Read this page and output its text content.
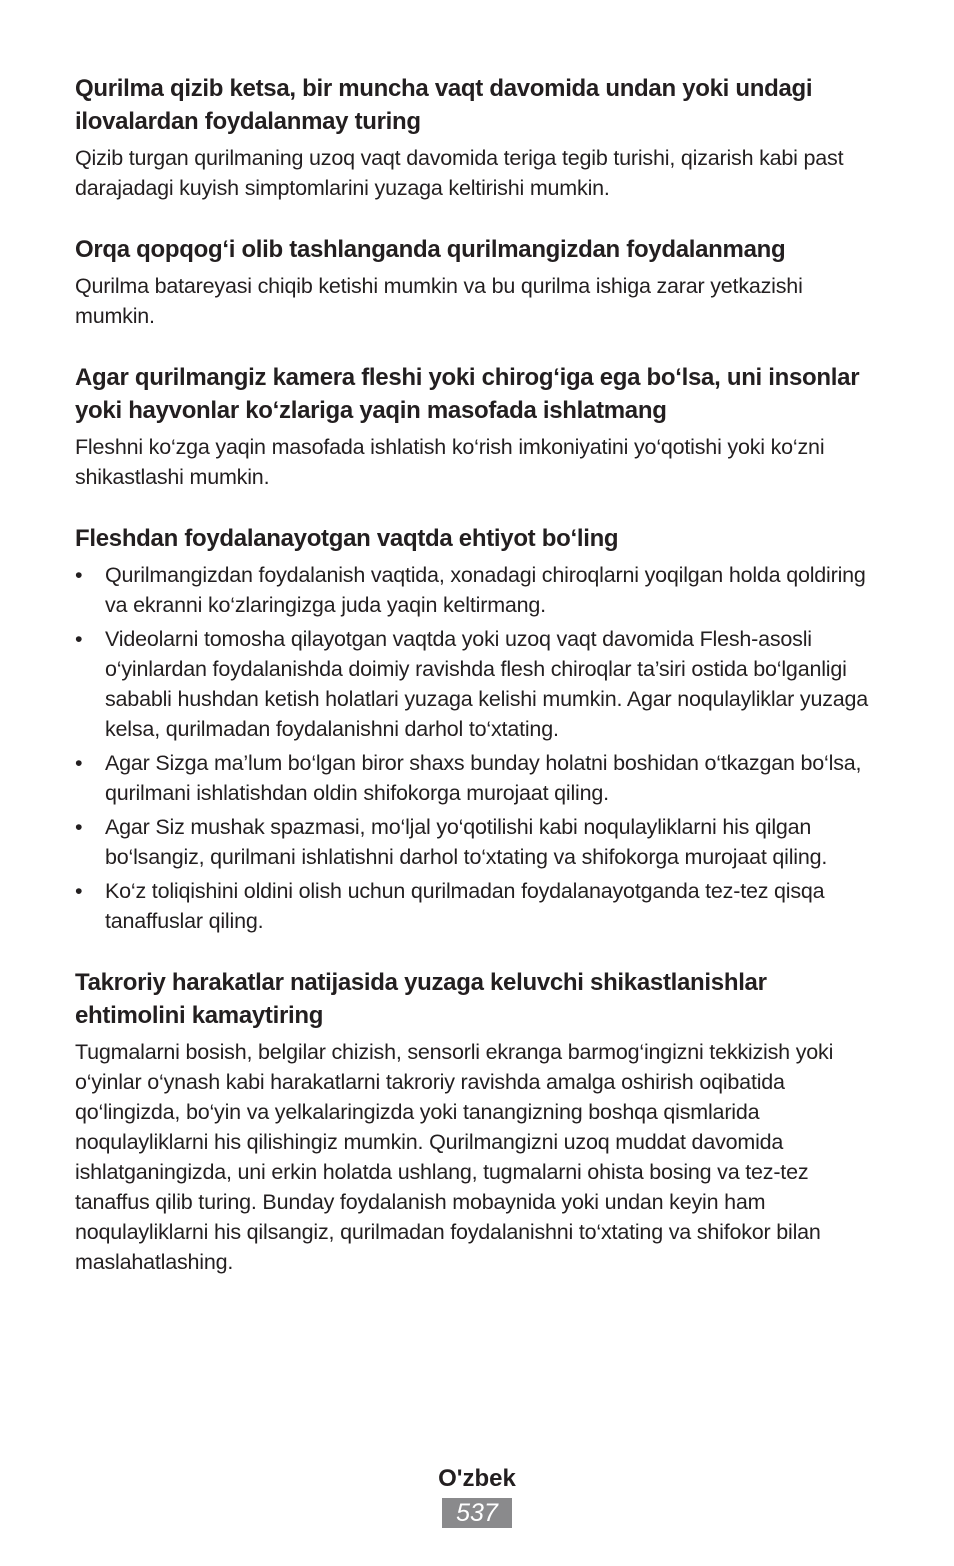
Qurilma qizib ketsa, bir muncha vaqt davomida undan yoki undagi ilovalardan foydalanmay turing

Qizib turgan qurilmaning uzoq vaqt davomida teriga tegib turishi, qizarish kabi past darajadagi kuyish simptomlarini yuzaga keltirishi mumkin.

Orqa qopqog‘i olib tashlanganda qurilmangizdan foydalanmang

Qurilma batareyasi chiqib ketishi mumkin va bu qurilma ishiga zarar yetkazishi mumkin.

Agar qurilmangiz kamera fleshi yoki chirog‘iga ega bo‘lsa, uni insonlar yoki hayvonlar ko‘zlariga yaqin masofada ishlatmang

Fleshni ko‘zga yaqin masofada ishlatish ko‘rish imkoniyatini yo‘qotishi yoki ko‘zni shikastlashi mumkin.

Fleshdan foydalanayotgan vaqtda ehtiyot bo‘ling
• Qurilmangizdan foydalanish vaqtida, xonadagi chiroqlarni yoqilgan holda qoldiring va ekranni ko‘zlaringizga juda yaqin keltirmang.
• Videolarni tomosha qilayotgan vaqtda yoki uzoq vaqt davomida Flesh-asosli o‘yinlardan foydalanishda doimiy ravishda flesh chiroqlar ta’siri ostida bo‘lganligi sababli hushdan ketish holatlari yuzaga kelishi mumkin. Agar noqulayliklar yuzaga kelsa, qurilmadan foydalanishni darhol to‘xtating.
• Agar Sizga ma’lum bo‘lgan biror shaxs bunday holatni boshidan o‘tkazgan bo‘lsa, qurilmani ishlatishdan oldin shifokorga murojaat qiling.
• Agar Siz mushak spazmasi, mo‘ljal yo‘qotilishi kabi noqulayliklarni his qilgan bo‘lsangiz, qurilmani ishlatishni darhol to‘xtating va shifokorga murojaat qiling.
• Ko‘z toliqishini oldini olish uchun qurilmadan foydalanayotganda tez-tez qisqa tanaffuslar qiling.
Takroriy harakatlar natijasida yuzaga keluvchi shikastlanishlar ehtimolini kamaytiring

Tugmalarni bosish, belgilar chizish, sensorli ekranga barmog‘ingizni tekkizish yoki o‘yinlar o‘ynash kabi harakatlarni takroriy ravishda amalga oshirish oqibatida qo‘lingizda, bo‘yin va yelkalaringizda yoki tanangizning boshqa qismlarida noqulayliklarni his qilishingiz mumkin. Qurilmangizni uzoq muddat davomida ishlatganingizda, uni erkin holatda ushlang, tugmalarni ohista bosing va tez-tez tanaffus qilib turing. Bunday foydalanish mobaynida yoki undan keyin ham noqulayliklarni his qilsangiz, qurilmadan foydalanishni to‘xtating va shifokor bilan maslahatlashing.

O'zbek
537
